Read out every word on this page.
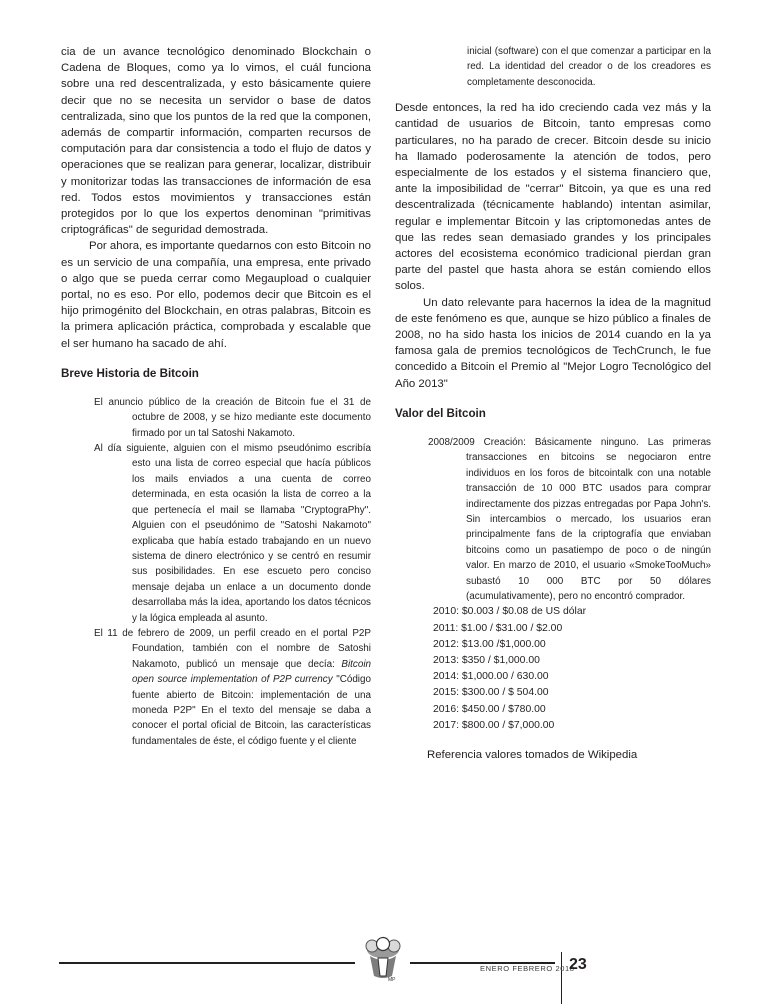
cia de un avance tecnológico denominado Blockchain o Cadena de Bloques, como ya lo vimos, el cuál funciona sobre una red descentralizada, y esto básicamente quiere decir que no se necesita un servidor o base de datos centralizada, sino que los puntos de la red que la componen, además de compartir información, comparten recursos de computación para dar consistencia a todo el flujo de datos y operaciones que se realizan para generar, localizar, distribuir y monitorizar todas las transacciones de información de esa red. Todos estos movimientos y transacciones están protegidos por lo que los expertos denominan "primitivas criptográficas" de seguridad demostrada.

Por ahora, es importante quedarnos con esto Bitcoin no es un servicio de una compañía, una empresa, ente privado o algo que se pueda cerrar como Megaupload o cualquier portal, no es eso. Por ello, podemos decir que Bitcoin es el hijo primogénito del Blockchain, en otras palabras, Bitcoin es la primera aplicación práctica, comprobada y escalable que el ser humano ha sacado de ahí.

Breve Historia de Bitcoin

El anuncio público de la creación de Bitcoin fue el 31 de octubre de 2008, y se hizo mediante este documento firmado por un tal Satoshi Nakamoto.

Al día siguiente, alguien con el mismo pseudónimo escribía esto una lista de correo especial que hacía públicos los mails enviados a una cuenta de correo determinada, en esta ocasión la lista de correo a la que pertenecía el mail se llamaba "CryptograPhy". Alguien con el pseudónimo de "Satoshi Nakamoto" explicaba que había estado trabajando en un nuevo sistema de dinero electrónico y se centró en resumir sus posibilidades. En ese escueto pero conciso mensaje dejaba un enlace a un documento donde desarrollaba más la idea, aportando los datos técnicos y la lógica empleada al asunto.

El 11 de febrero de 2009, un perfil creado en el portal P2P Foundation, también con el nombre de Satoshi Nakamoto, publicó un mensaje que decía: Bitcoin open source implementation of P2P currency "Código fuente abierto de Bitcoin: implementación de una moneda P2P" En el texto del mensaje se daba a conocer el portal oficial de Bitcoin, las características fundamentales de éste, el código fuente y el cliente

inicial (software) con el que comenzar a participar en la red. La identidad del creador o de los creadores es completamente desconocida.

Desde entonces, la red ha ido creciendo cada vez más y la cantidad de usuarios de Bitcoin, tanto empresas como particulares, no ha parado de crecer. Bitcoin desde su inicio ha llamado poderosamente la atención de todos, pero especialmente de los estados y el sistema financiero que, ante la imposibilidad de "cerrar" Bitcoin, ya que es una red descentralizada (técnicamente hablando) intentan asimilar, regular e implementar Bitcoin y las criptomonedas antes de que las redes sean demasiado grandes y los principales actores del ecosistema económico tradicional pierdan gran parte del pastel que hasta ahora se están comiendo ellos solos.

Un dato relevante para hacernos la idea de la magnitud de este fenómeno es que, aunque se hizo público a finales de 2008, no ha sido hasta los inicios de 2014 cuando en la ya famosa gala de premios tecnológicos de TechCrunch, le fue concedido a Bitcoin el Premio al "Mejor Logro Tecnológico del Año 2013"

Valor del Bitcoin

2008/2009 Creación: Básicamente ninguno. Las primeras transacciones en bitcoins se negociaron entre individuos en los foros de bitcointalk con una notable transacción de 10 000 BTC usados para comprar indirectamente dos pizzas entregadas por Papa John's. Sin intercambios o mercado, los usuarios eran principalmente fans de la criptografía que enviaban bitcoins como un pasatiempo de poco o de ningún valor. En marzo de 2010, el usuario «SmokeTooMuch» subastó 10 000 BTC por 50 dólares (acumulativamente), pero no encontró comprador.

2010: $0.003 / $0.08 de US dólar
2011: $1.00 / $31.00 / $2.00
2012: $13.00 /$1,000.00
2013: $350 / $1,000.00
2014: $1,000.00 / 630.00
2015: $300.00 / $ 504.00
2016: $450.00 / $780.00
2017: $800.00 / $7,000.00

Referencia valores tomados de Wikipedia

MP
ENERO FEBRERO 2018
23
